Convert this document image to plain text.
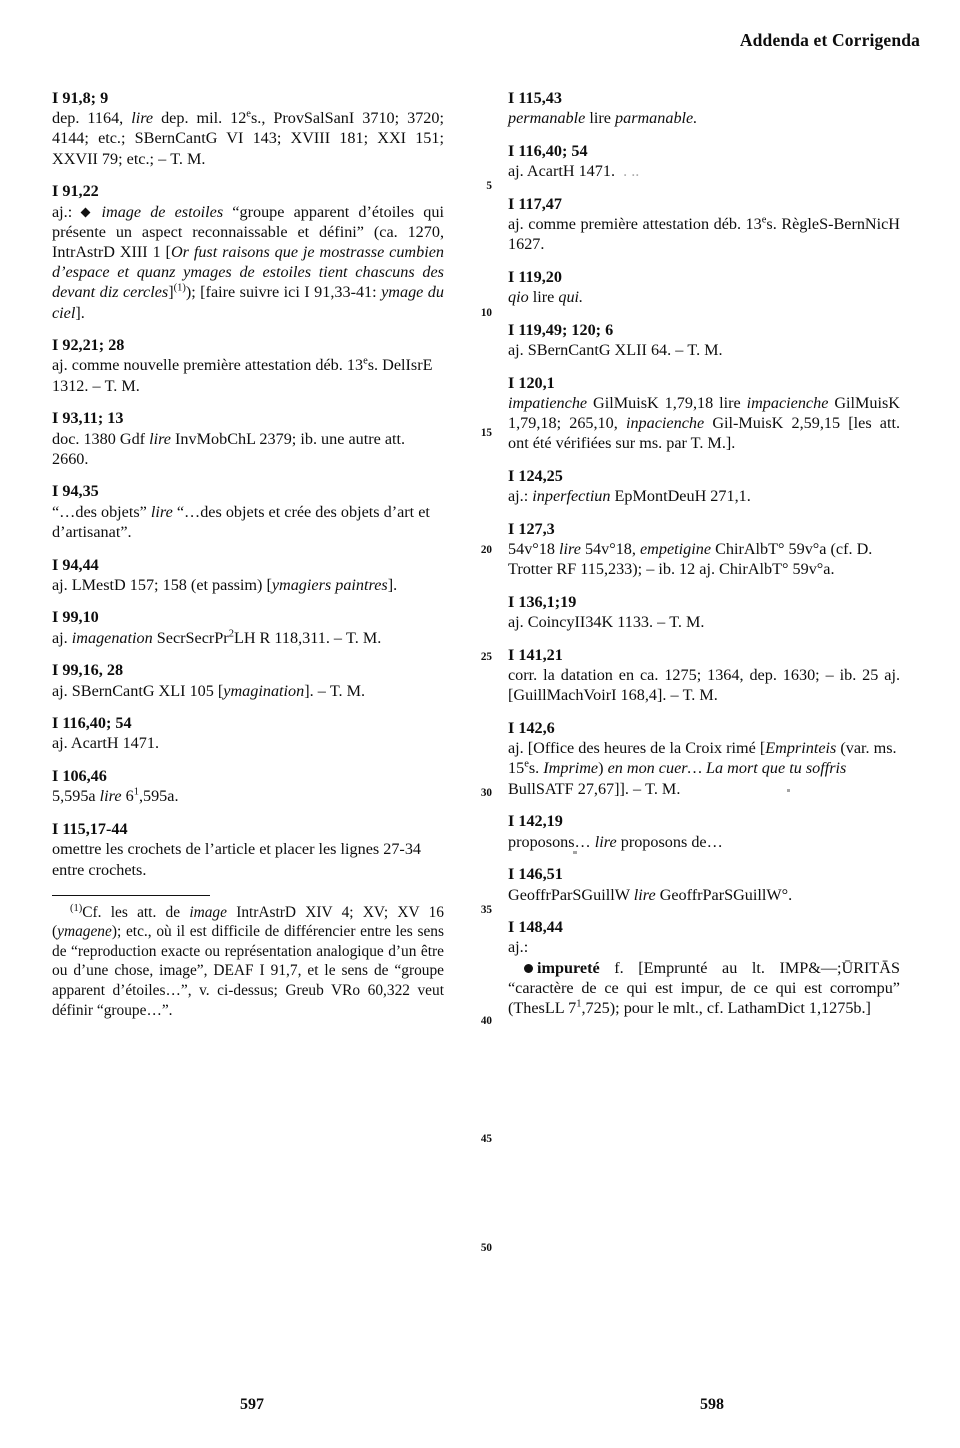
Addenda et Corrigenda
I 91,8; 9
dep. 1164, lire dep. mil. 12es., ProvSalSanI 3710; 3720; 4144; etc.; SBernCantG VI 143; XVIII 181; XXI 151; XXVII 79; etc.; – T. M.
I 91,22
aj.:  image de estoiles “groupe apparent d’étoiles qui présente un aspect reconnaissable et défini” (ca. 1270, IntrAstrD XIII 1 [Or fust raisons que je mostrasse cumbien d’espace et quanz ymages de estoiles tient chascuns des devant diz cercles]$^{(1)}$); [faire suivre ici I 91,33-41: ymage du ciel].
I 92,21; 28
aj. comme nouvelle première attestation déb. 13es. DelIsrE 1312. – T. M.
I 93,11; 13
doc. 1380 Gdf lire InvMobChL 2379; ib. une autre att. 2660.
I 94,35
“…des objets” lire “…des objets et crée des objets d’art et d’artisanat”.
I 94,44
aj. LMestD 157; 158 (et passim) [ymagiers paintres].
I 99,10
aj. imagenation SecrSecrPr$^2$LH R 118,311. – T. M.
I 99,16, 28
aj. SBernCantG XLI 105 [ymagination]. – T. M.
I 116,40; 54
aj. AcartH 1471.
I 106,46
5,595a lire $6^1,595a$.
I 115,17-44
omettre les crochets de l’article et placer les lignes 27-34 entre crochets.
$^{(1)}$Cf. les att. de image IntrAstrD XIV 4; XV; XV 16 (ymagene); etc., où il est difficile de différencier entre les sens de “reproduction exacte ou représentation analogique d’un être ou d’une chose, image”, DEAF I 91,7, et le sens de “groupe apparent d’étoiles…”, v. ci-dessus; Greub VRo 60,322 veut définir “groupe…”.
5
10
15
20
25
30
35
40
45
50
I 115,43
permanable lire parmanable.
I 116,40; 54
aj. AcartH 1471.  . ..
I 117,47
aj. comme première attestation déb. 13es. RègleS-BernNicH 1627.
I 119,20
qio lire qui.
I 119,49; 120; 6
aj. SBernCantG XLII 64. – T. M.
I 120,1
impatienche GilMuisK 1,79,18 lire impacienche GilMuisK 1,79,18; 265,10, inpacienche Gil-MuisK 2,59,15 [les att. ont été vérifiées sur ms. par T. M.].
I 124,25
aj.: inperfectiun EpMontDeuH 271,1.
I 127,3
54v°18 lire 54v°18, empetigine ChirAlbT° 59v°a (cf. D. Trotter RF 115,233); – ib. 12 aj. ChirAlbT° 59v°a.
I 136,1;19
aj. CoincyII34K 1133. – T. M.
I 141,21
corr. la datation en ca. 1275; 1364, dep. 1630; – ib. 25 aj. [GuillMachVoirI 168,4]. – T. M.
I 142,6
aj. [Office des heures de la Croix rimé [Emprinteis (var. ms. 15es. Imprime) en mon cuer… La mort que tu soffris BullSATF 27,67]]. – T. M.
I 142,19
proposons… lire proposons de…
I 146,51
GeoffrParSGuillW lire GeoffrParSGuillW°.
I 148,44
aj.:
impureté f. [Emprunté au lt. IMP&—;ŪRITĀS “caractère de ce qui est impur, de ce qui est corrompu” (ThesLL $7^1,725$); pour le mlt., cf. LathamDict 1,1275b.]
597	598
